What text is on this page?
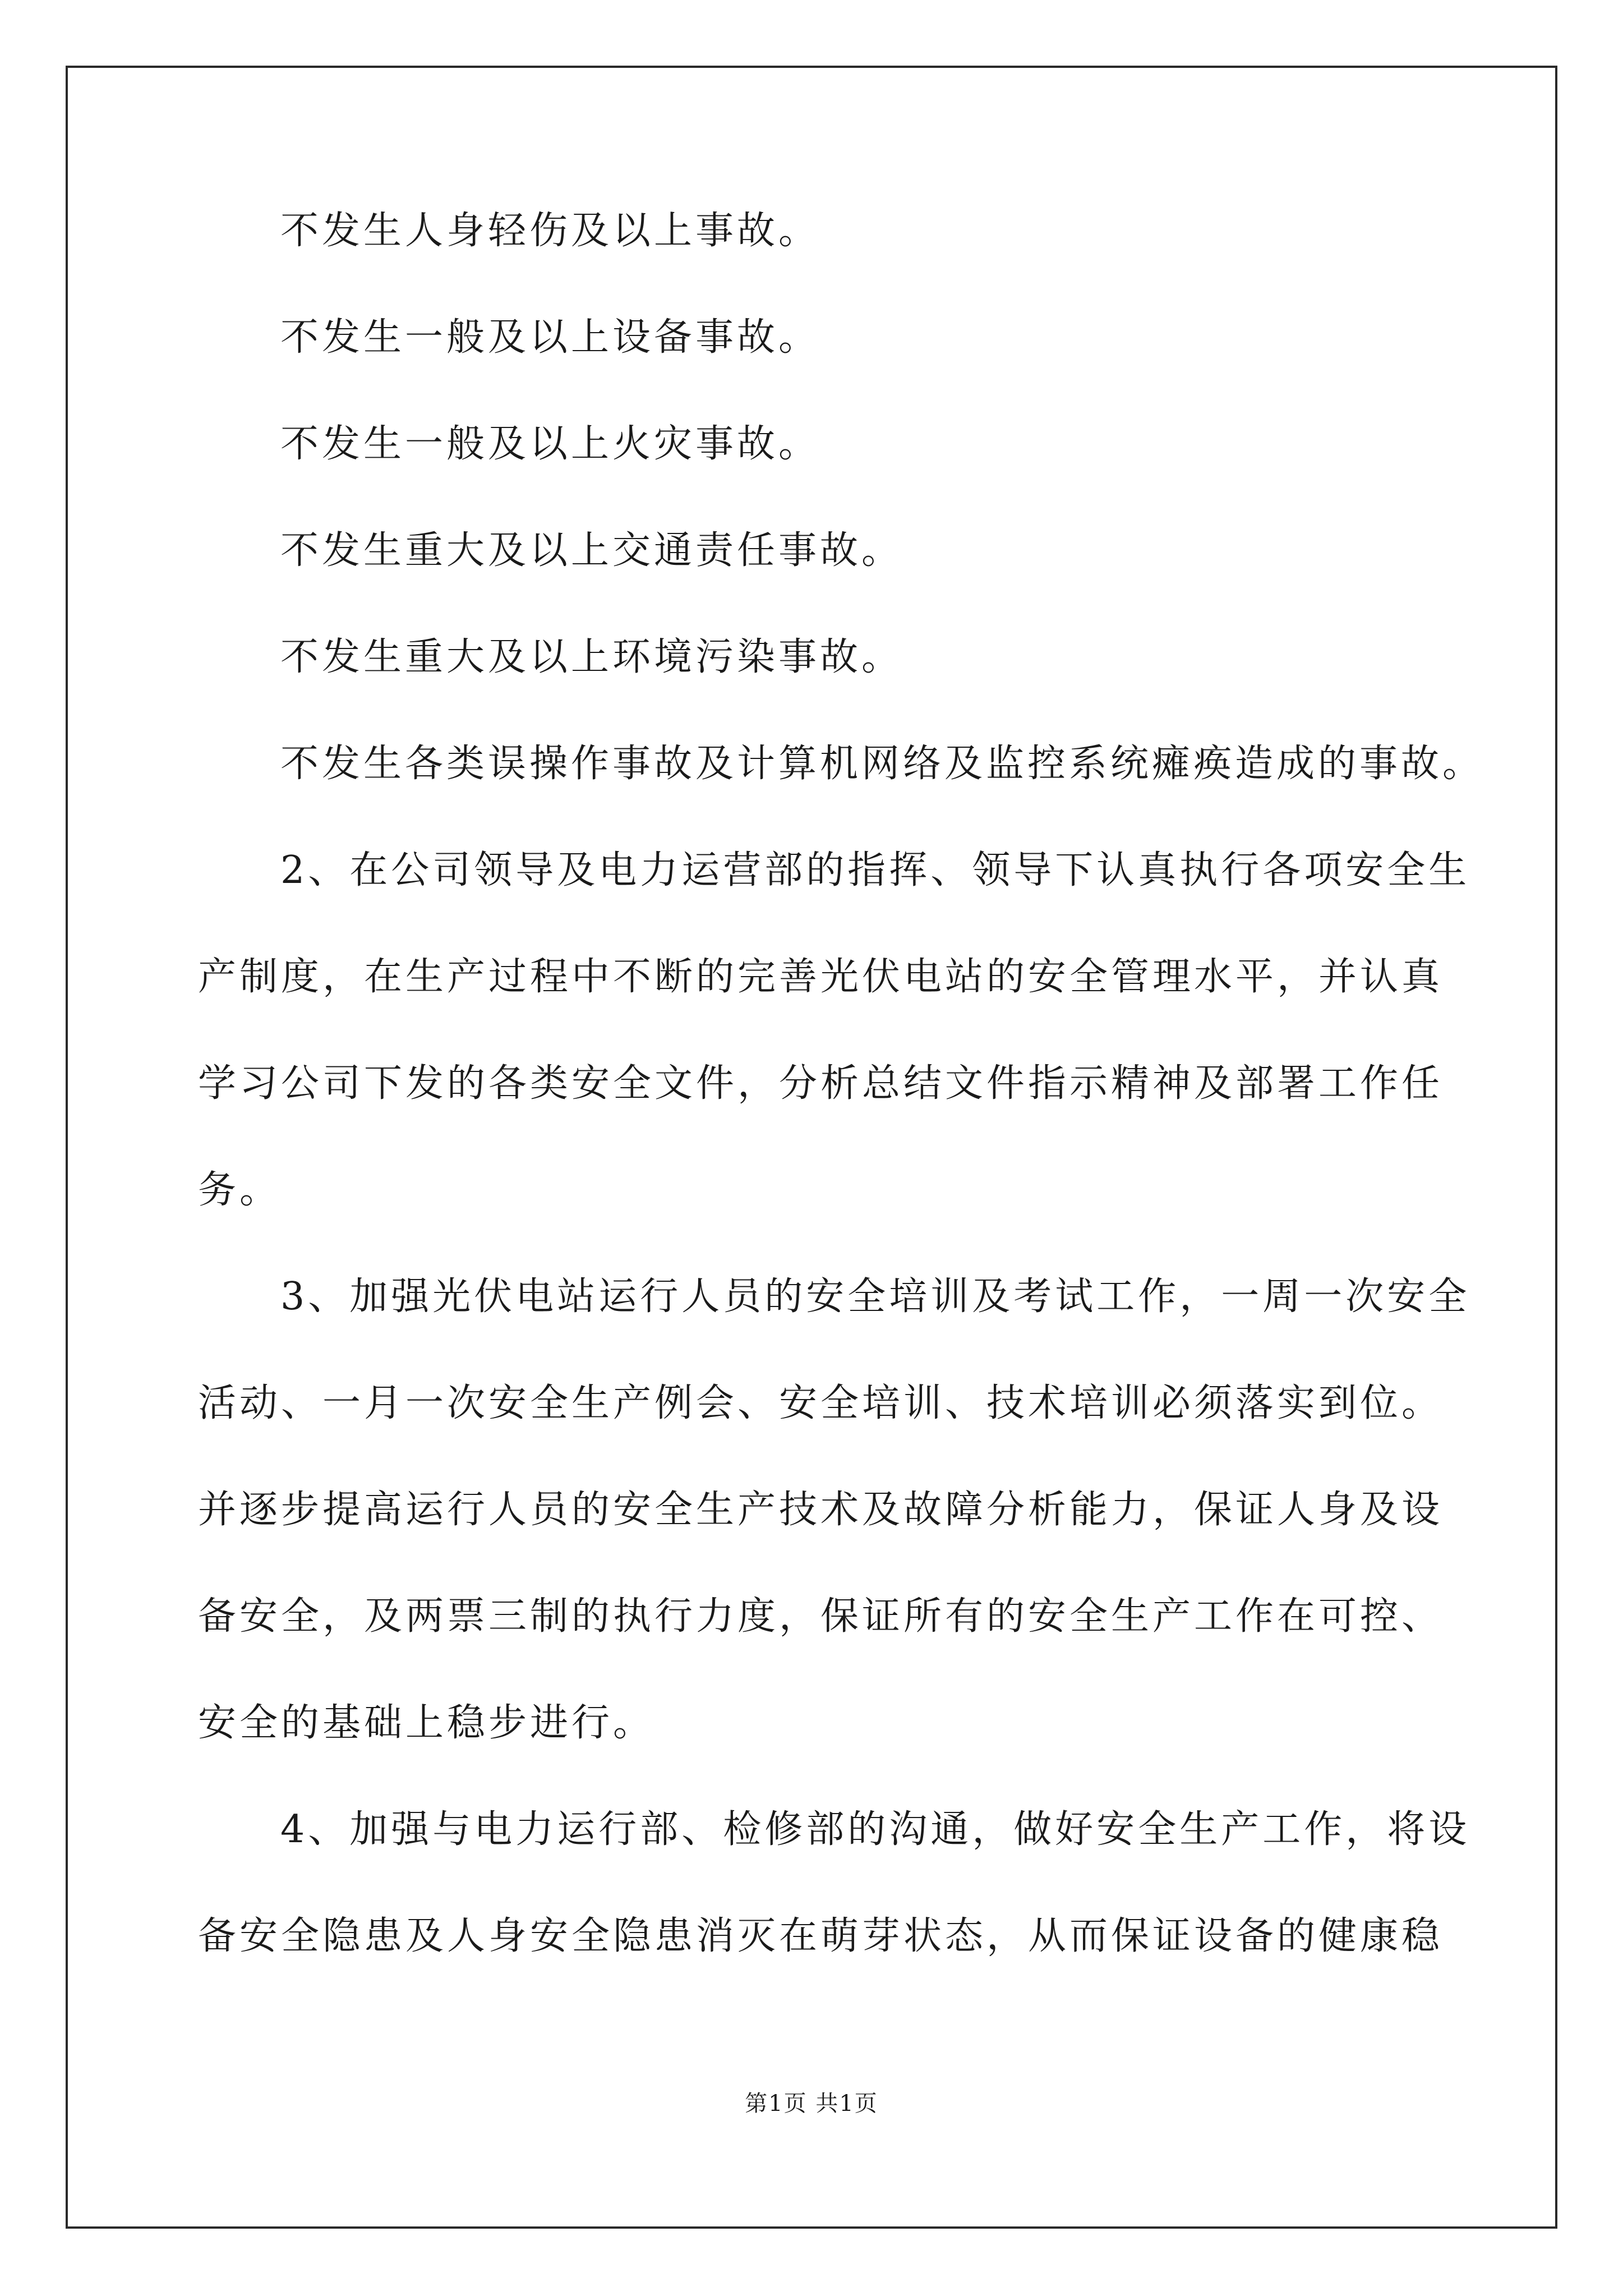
不发生人身轻伤及以上事故。
不发生一般及以上设备事故。
不发生一般及以上火灾事故。
不发生重大及以上交通责任事故。
不发生重大及以上环境污染事故。
不发生各类误操作事故及计算机网络及监控系统瘫痪造成的事故。
2、在公司领导及电力运营部的指挥、领导下认真执行各项安全生
产制度，在生产过程中不断的完善光伏电站的安全管理水平，并认真
学习公司下发的各类安全文件，分析总结文件指示精神及部署工作任
务。
3、加强光伏电站运行人员的安全培训及考试工作，一周一次安全
活动、一月一次安全生产例会、安全培训、技术培训必须落实到位。
并逐步提高运行人员的安全生产技术及故障分析能力，保证人身及设
备安全，及两票三制的执行力度，保证所有的安全生产工作在可控、
安全的基础上稳步进行。
4、加强与电力运行部、检修部的沟通，做好安全生产工作，将设
备安全隐患及人身安全隐患消灭在萌芽状态，从而保证设备的健康稳
第1页 共1页
